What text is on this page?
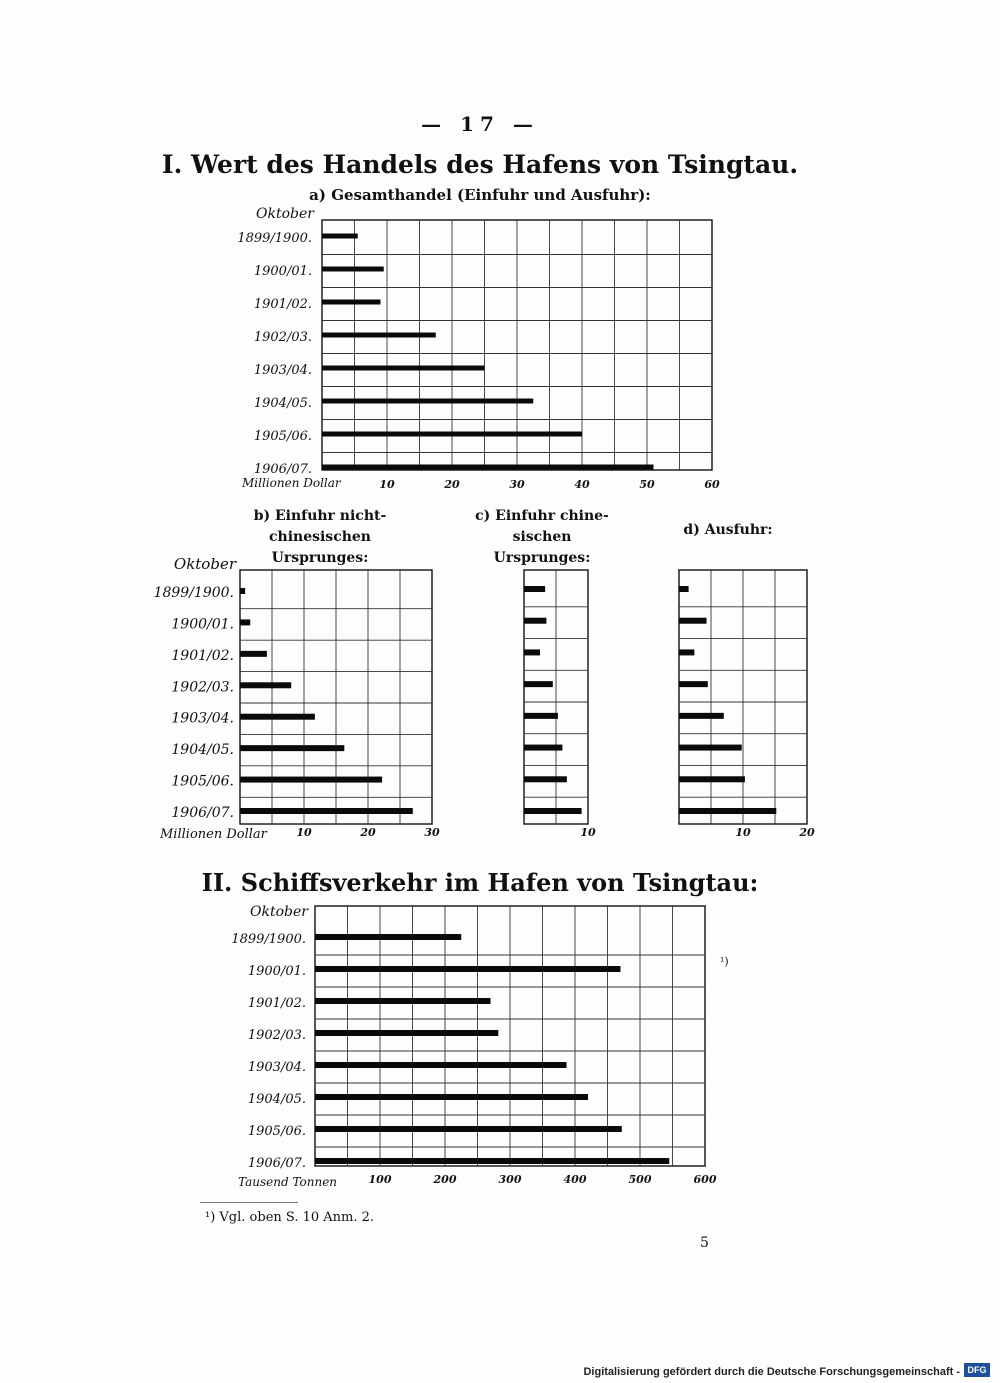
— 17 —
I. Wert des Handels des Hafens von Tsingtau.
a) Gesamthandel (Einfuhr und Ausfuhr):
b) Einfuhr nicht- chinesischen Ursprunges:
c) Einfuhr chine- sischen Ursprunges:
d) Ausfuhr:
II. Schiffsverkehr im Hafen von Tsingtau:
¹)
¹) Vgl. oben S. 10 Anm. 2.
5
Digitalisierung gefördert durch die Deutsche Forschungsgemeinschaft - DFG
1899/1900.
1900/01.
1901/02.
1902/03.
1903/04.
1904/05.
1905/06.
1906/07.
Oktober
Millionen Dollar	10	20	30	40	50	60
1899/1900.
1900/01.
1901/02.
1902/03.
1903/04.
1904/05.
1905/06.
1906/07.
Oktober
Millionen Dollar	10	20	30	10	10	20
1899/1900.
1900/01.
1901/02.
1902/03.
1903/04.
1904/05.
1905/06.
1906/07.
Oktober
Tausend Tonnen	100	200	300	400	500	600
